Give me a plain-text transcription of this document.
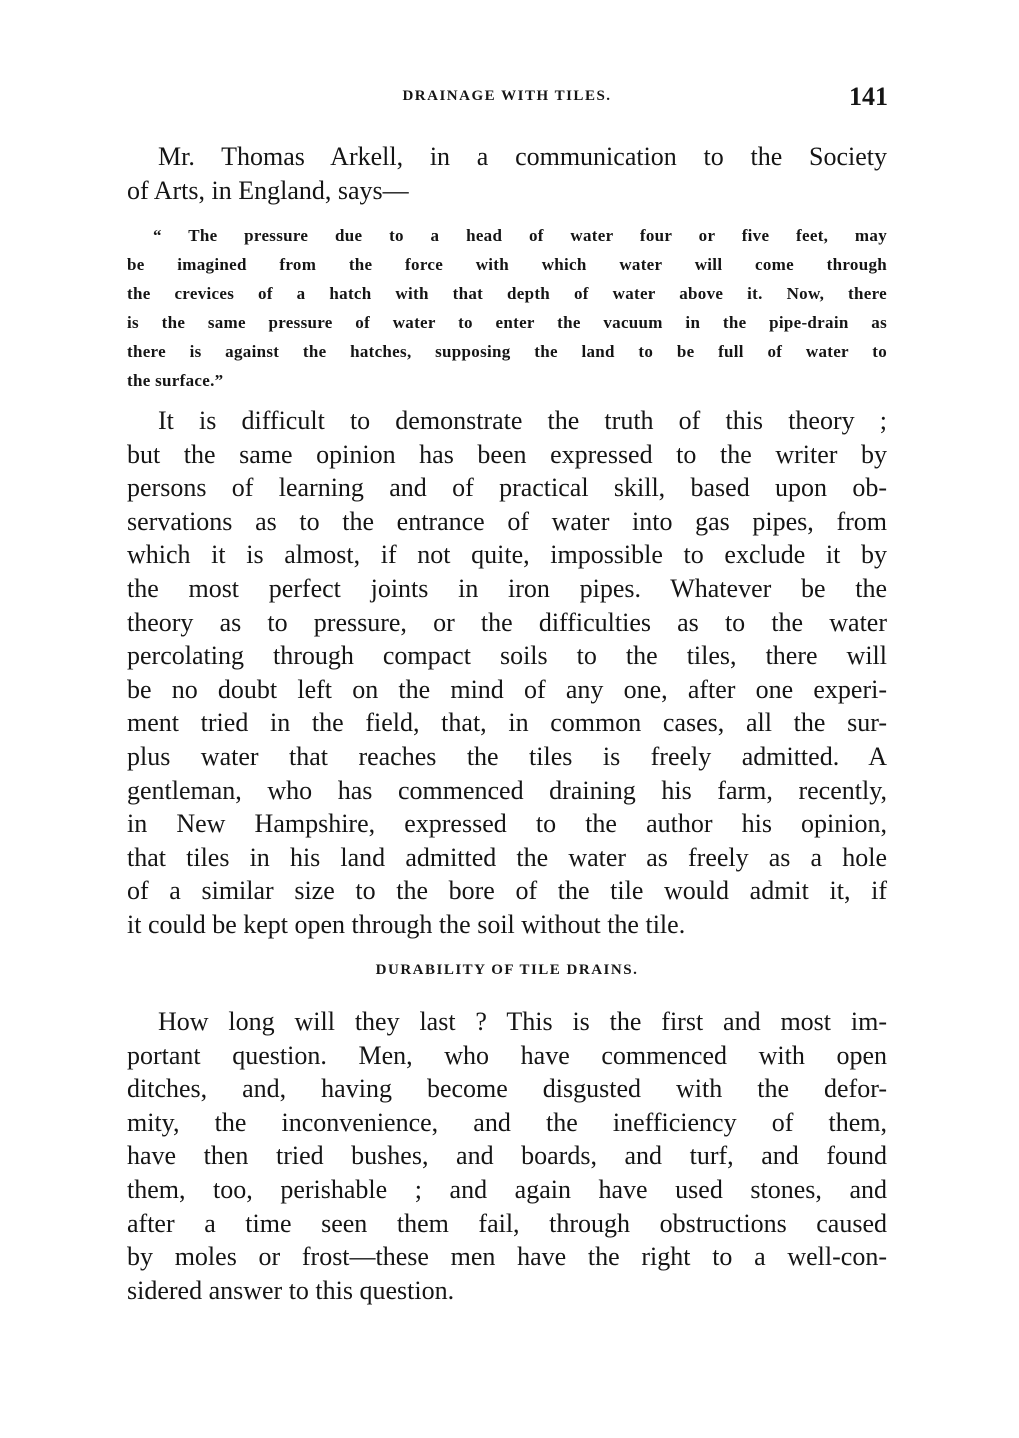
DRAINAGE WITH TILES.	141
Mr. Thomas Arkell, in a communication to the Society
of Arts, in England, says—
“ The pressure due to a head of water four or five feet, may
be imagined from the force with which water will come through
the crevices of a hatch with that depth of water above it. Now, there
is the same pressure of water to enter the vacuum in the pipe-drain as
there is against the hatches, supposing the land to be full of water to
the surface.”
It is difficult to demonstrate the truth of this theory ;
but the same opinion has been expressed to the writer by
persons of learning and of practical skill, based upon ob-
servations as to the entrance of water into gas pipes, from
which it is almost, if not quite, impossible to exclude it by
the most perfect joints in iron pipes. Whatever be the
theory as to pressure, or the difficulties as to the water
percolating through compact soils to the tiles, there will
be no doubt left on the mind of any one, after one experi-
ment tried in the field, that, in common cases, all the sur-
plus water that reaches the tiles is freely admitted. A
gentleman, who has commenced draining his farm, recently,
in New Hampshire, expressed to the author his opinion,
that tiles in his land admitted the water as freely as a hole
of a similar size to the bore of the tile would admit it, if
it could be kept open through the soil without the tile.
DURABILITY OF TILE DRAINS.
How long will they last ? This is the first and most im-
portant question. Men, who have commenced with open
ditches, and, having become disgusted with the defor-
mity, the inconvenience, and the inefficiency of them,
have then tried bushes, and boards, and turf, and found
them, too, perishable ; and again have used stones, and
after a time seen them fail, through obstructions caused
by moles or frost—these men have the right to a well-con-
sidered answer to this question.
